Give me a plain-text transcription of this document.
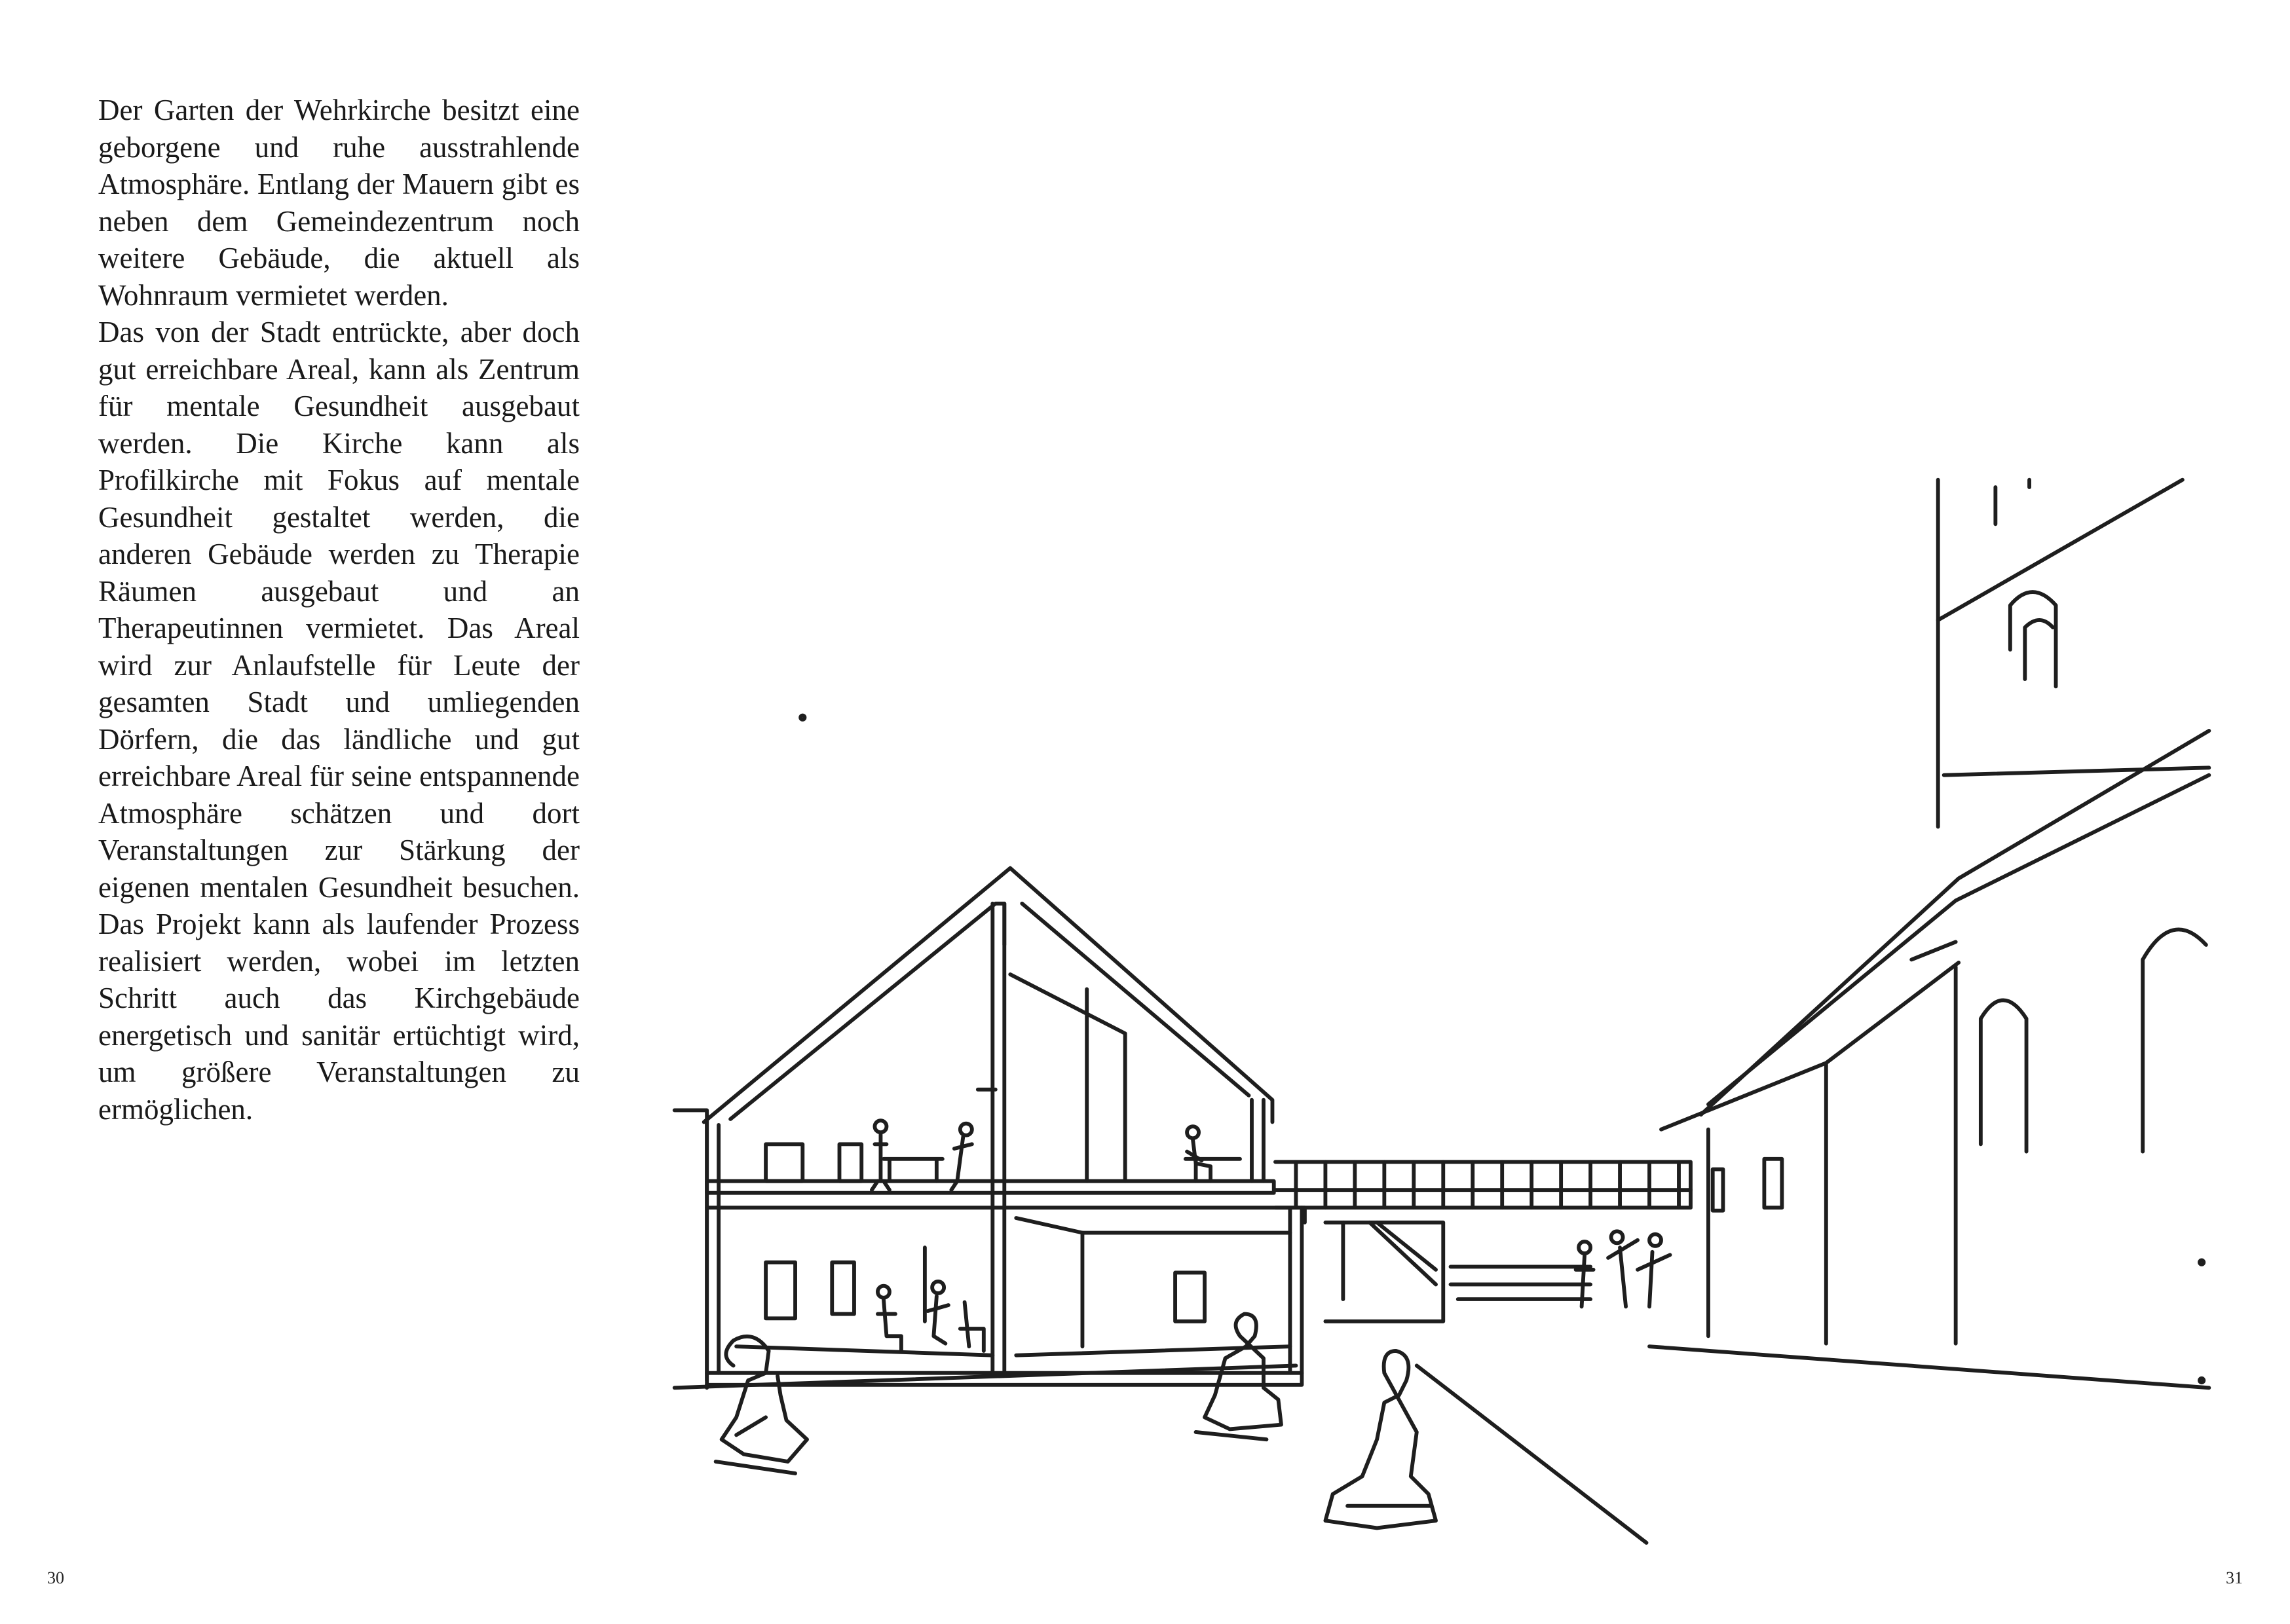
Der Garten der Wehrkirche besitzt eine geborgene und ruhe ausstrahlende Atmosphäre. Entlang der Mauern gibt es neben dem Gemeindezentrum noch weitere Gebäude, die aktuell als Wohnraum vermietet werden.

Das von der Stadt entrückte, aber doch gut erreichbare Areal, kann als Zentrum für mentale Gesundheit ausgebaut werden. Die Kirche kann als Profilkirche mit Fokus auf mentale Gesundheit gestaltet werden, die anderen Gebäude werden zu Therapie Räumen ausgebaut und an Therapeutinnen vermietet. Das Areal wird zur Anlaufstelle für Leute der gesamten Stadt und umliegenden Dörfern, die das ländliche und gut erreichbare Areal für seine entspannende Atmosphäre schätzen und dort Veranstaltungen zur Stärkung der eigenen mentalen Gesundheit besuchen. Das Projekt kann als laufender Prozess realisiert werden, wobei im letzten Schritt auch das Kirchgebäude energetisch und sanitär ertüchtigt wird, um größere Veranstaltungen zu ermöglichen.

30	31
